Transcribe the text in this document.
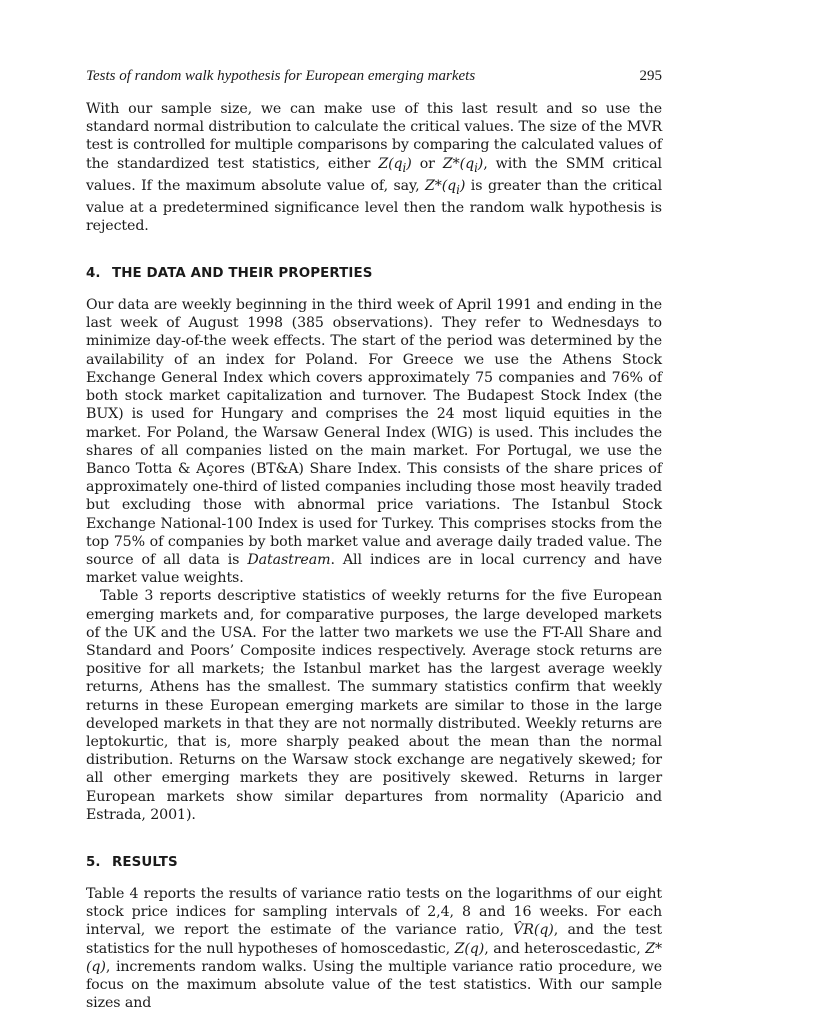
Tests of random walk hypothesis for European emerging markets	295

With our sample size, we can make use of this last result and so use the standard normal distribution to calculate the critical values. The size of the MVR test is controlled for multiple comparisons by comparing the calculated values of the standardized test statistics, either $Z(q_i)$ or $Z*(q_i)$, with the SMM critical values. If the maximum absolute value of, say, $Z*(q_i)$ is greater than the critical value at a predetermined significance level then the random walk hypothesis is rejected.

4. THE DATA AND THEIR PROPERTIES

Our data are weekly beginning in the third week of April 1991 and ending in the last week of August 1998 (385 observations). They refer to Wednesdays to minimize day-of-the week effects. The start of the period was determined by the availability of an index for Poland. For Greece we use the Athens Stock Exchange General Index which covers approximately 75 companies and 76% of both stock market capitalization and turnover. The Budapest Stock Index (the BUX) is used for Hungary and comprises the 24 most liquid equities in the market. For Poland, the Warsaw General Index (WIG) is used. This includes the shares of all companies listed on the main market. For Portugal, we use the Banco Totta & Açores (BT&A) Share Index. This consists of the share prices of approximately one-third of listed companies including those most heavily traded but excluding those with abnormal price variations. The Istanbul Stock Exchange National-100 Index is used for Turkey. This comprises stocks from the top 75% of companies by both market value and average daily traded value. The source of all data is Datastream. All indices are in local currency and have market value weights.

Table 3 reports descriptive statistics of weekly returns for the five European emerging markets and, for comparative purposes, the large developed markets of the UK and the USA. For the latter two markets we use the FT-All Share and Standard and Poors’ Composite indices respectively. Average stock returns are positive for all markets; the Istanbul market has the largest average weekly returns, Athens has the smallest. The summary statistics confirm that weekly returns in these European emerging markets are similar to those in the large developed markets in that they are not normally distributed. Weekly returns are leptokurtic, that is, more sharply peaked about the mean than the normal distribution. Returns on the Warsaw stock exchange are negatively skewed; for all other emerging markets they are positively skewed. Returns in larger European markets show similar departures from normality (Aparicio and Estrada, 2001).

5. RESULTS

Table 4 reports the results of variance ratio tests on the logarithms of our eight stock price indices for sampling intervals of 2,4, 8 and 16 weeks. For each interval, we report the estimate of the variance ratio, V̂R(q), and the test statistics for the null hypotheses of homoscedastic, Z(q), and heteroscedastic, Z*(q), increments random walks. Using the multiple variance ratio procedure, we focus on the maximum absolute value of the test statistics. With our sample sizes and
